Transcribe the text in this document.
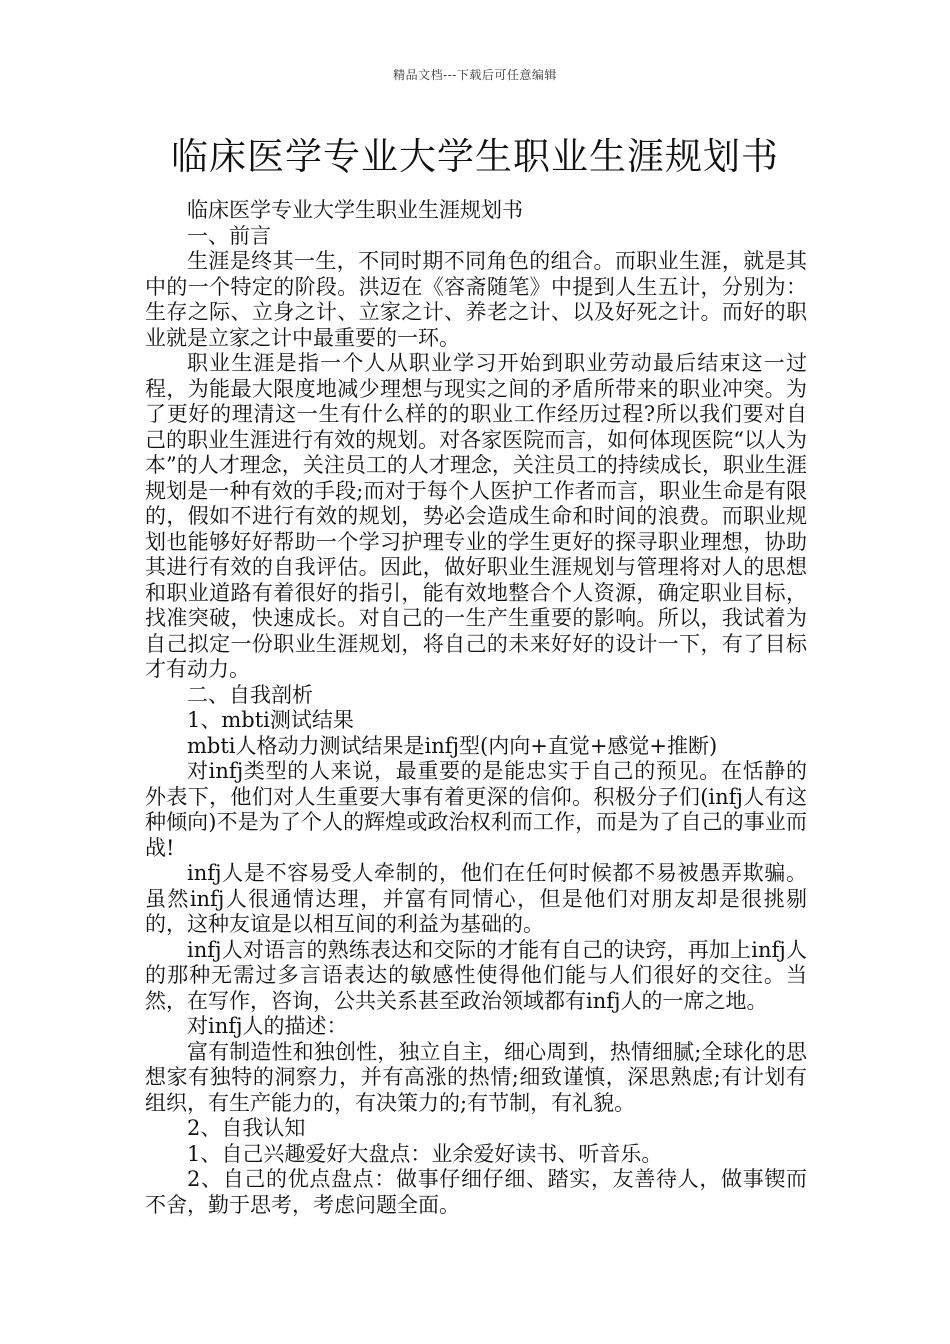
精品文档---下载后可任意编辑
临床医学专业大学生职业生涯规划书

临床医学专业大学生职业生涯规划书

一、前言

生涯是终其一生，不同时期不同角色的组合。而职业生涯，就是其中的一个特定的阶段。洪迈在《容斋随笔》中提到人生五计，分别为：生存之际、立身之计、立家之计、养老之计、以及好死之计。而好的职业就是立家之计中最重要的一环。

职业生涯是指一个人从职业学习开始到职业劳动最后结束这一过程，为能最大限度地减少理想与现实之间的矛盾所带来的职业冲突。为了更好的理清这一生有什么样的的职业工作经历过程?所以我们要对自己的职业生涯进行有效的规划。对各家医院而言，如何体现医院“以人为本”的人才理念，关注员工的人才理念，关注员工的持续成长，职业生涯规划是一种有效的手段;而对于每个人医护工作者而言，职业生命是有限的，假如不进行有效的规划，势必会造成生命和时间的浪费。而职业规划也能够好好帮助一个学习护理专业的学生更好的探寻职业理想，协助其进行有效的自我评估。因此，做好职业生涯规划与管理将对人的思想和职业道路有着很好的指引，能有效地整合个人资源，确定职业目标，找准突破，快速成长。对自己的一生产生重要的影响。所以，我试着为自己拟定一份职业生涯规划，将自己的未来好好的设计一下，有了目标才有动力。

二、自我剖析

1、mbti测试结果

mbti人格动力测试结果是infj型(内向+直觉+感觉+推断)

对infj类型的人来说，最重要的是能忠实于自己的预见。在恬静的外表下，他们对人生重要大事有着更深的信仰。积极分子们(infj人有这种倾向)不是为了个人的辉煌或政治权利而工作，而是为了自己的事业而战!

infj人是不容易受人牵制的，他们在任何时候都不易被愚弄欺骗。虽然infj人很通情达理，并富有同情心，但是他们对朋友却是很挑剔的，这种友谊是以相互间的利益为基础的。

infj人对语言的熟练表达和交际的才能有自己的诀窍，再加上infj人的那种无需过多言语表达的敏感性使得他们能与人们很好的交往。当然，在写作，咨询，公共关系甚至政治领域都有infj人的一席之地。

对infj人的描述：

富有制造性和独创性，独立自主，细心周到，热情细腻;全球化的思想家有独特的洞察力，并有高涨的热情;细致谨慎，深思熟虑;有计划有组织，有生产能力的，有决策力的;有节制，有礼貌。

2、自我认知

1、自己兴趣爱好大盘点：业余爱好读书、听音乐。

2、自己的优点盘点：做事仔细仔细、踏实，友善待人，做事锲而不舍，勤于思考，考虑问题全面。
